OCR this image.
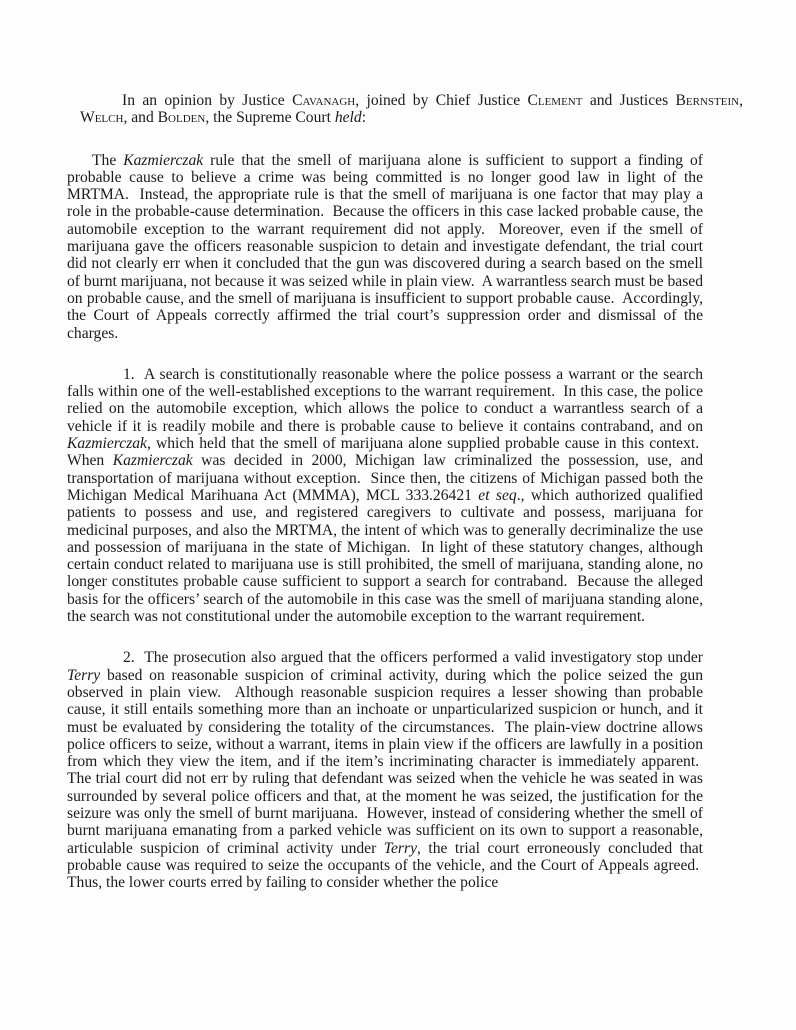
In an opinion by Justice Cavanagh, joined by Chief Justice Clement and Justices Bernstein, Welch, and Bolden, the Supreme Court held:

The Kazmierczak rule that the smell of marijuana alone is sufficient to support a finding of probable cause to believe a crime was being committed is no longer good law in light of the MRTMA.  Instead, the appropriate rule is that the smell of marijuana is one factor that may play a role in the probable-cause determination.  Because the officers in this case lacked probable cause, the automobile exception to the warrant requirement did not apply.  Moreover, even if the smell of marijuana gave the officers reasonable suspicion to detain and investigate defendant, the trial court did not clearly err when it concluded that the gun was discovered during a search based on the smell of burnt marijuana, not because it was seized while in plain view.  A warrantless search must be based on probable cause, and the smell of marijuana is insufficient to support probable cause.  Accordingly, the Court of Appeals correctly affirmed the trial court’s suppression order and dismissal of the charges.

1.  A search is constitutionally reasonable where the police possess a warrant or the search falls within one of the well-established exceptions to the warrant requirement.  In this case, the police relied on the automobile exception, which allows the police to conduct a warrantless search of a vehicle if it is readily mobile and there is probable cause to believe it contains contraband, and on Kazmierczak, which held that the smell of marijuana alone supplied probable cause in this context.  When Kazmierczak was decided in 2000, Michigan law criminalized the possession, use, and transportation of marijuana without exception.  Since then, the citizens of Michigan passed both the Michigan Medical Marihuana Act (MMMA), MCL 333.26421 et seq., which authorized qualified patients to possess and use, and registered caregivers to cultivate and possess, marijuana for medicinal purposes, and also the MRTMA, the intent of which was to generally decriminalize the use and possession of marijuana in the state of Michigan.  In light of these statutory changes, although certain conduct related to marijuana use is still prohibited, the smell of marijuana, standing alone, no longer constitutes probable cause sufficient to support a search for contraband.  Because the alleged basis for the officers’ search of the automobile in this case was the smell of marijuana standing alone, the search was not constitutional under the automobile exception to the warrant requirement.

2.  The prosecution also argued that the officers performed a valid investigatory stop under Terry based on reasonable suspicion of criminal activity, during which the police seized the gun observed in plain view.  Although reasonable suspicion requires a lesser showing than probable cause, it still entails something more than an inchoate or unparticularized suspicion or hunch, and it must be evaluated by considering the totality of the circumstances.  The plain-view doctrine allows police officers to seize, without a warrant, items in plain view if the officers are lawfully in a position from which they view the item, and if the item’s incriminating character is immediately apparent.  The trial court did not err by ruling that defendant was seized when the vehicle he was seated in was surrounded by several police officers and that, at the moment he was seized, the justification for the seizure was only the smell of burnt marijuana.  However, instead of considering whether the smell of burnt marijuana emanating from a parked vehicle was sufficient on its own to support a reasonable, articulable suspicion of criminal activity under Terry, the trial court erroneously concluded that probable cause was required to seize the occupants of the vehicle, and the Court of Appeals agreed.  Thus, the lower courts erred by failing to consider whether the police
